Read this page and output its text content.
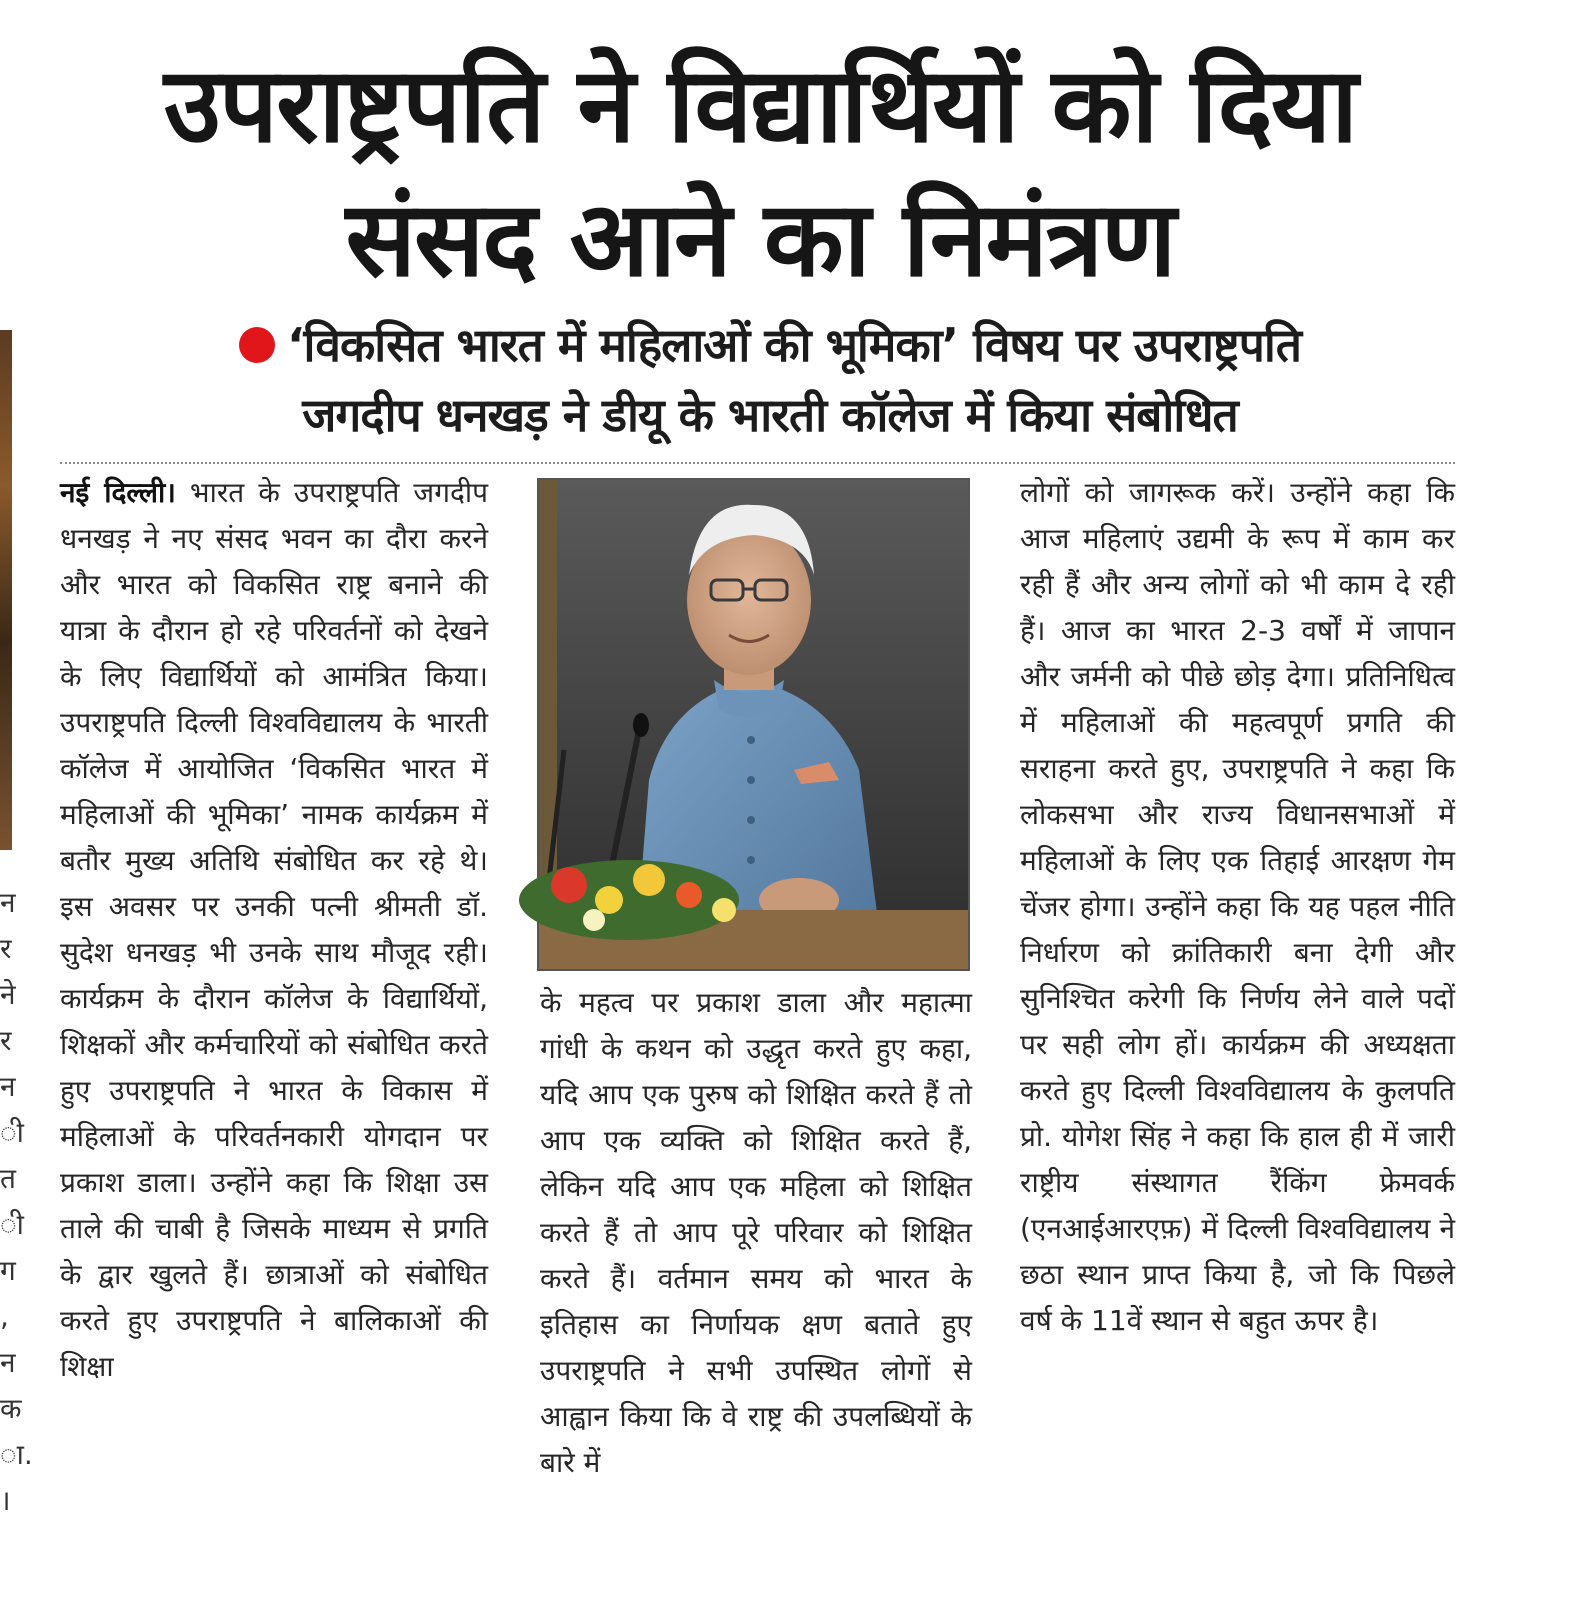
न
र
ने
र
न
ी
त
ी
ग
,
न
क
ा.
।
उपराष्ट्रपति ने विद्यार्थियों को दिया
संसद आने का निमंत्रण
‘विकसित भारत में महिलाओं की भूमिका’ विषय पर उपराष्ट्रपति
जगदीप धनखड़ ने डीयू के भारती कॉलेज में किया संबोधित
नई दिल्ली। भारत के उपराष्ट्रपति जगदीप धनखड़ ने नए संसद भवन का दौरा करने और भारत को विकसित राष्ट्र बनाने की यात्रा के दौरान हो रहे परिवर्तनों को देखने के लिए विद्यार्थियों को आमंत्रित किया। उपराष्ट्रपति दिल्ली विश्वविद्यालय के भारती कॉलेज में आयोजित ‘विकसित भारत में महिलाओं की भूमिका’ नामक कार्यक्रम में बतौर मुख्य अतिथि संबोधित कर रहे थे। इस अवसर पर उनकी पत्नी श्रीमती डॉ. सुदेश धनखड़ भी उनके साथ मौजूद रही। कार्यक्रम के दौरान कॉलेज के विद्यार्थियों, शिक्षकों और कर्मचारियों को संबोधित करते हुए उपराष्ट्रपति ने भारत के विकास में महिलाओं के परिवर्तनकारी योगदान पर प्रकाश डाला। उन्होंने कहा कि शिक्षा उस ताले की चाबी है जिसके माध्यम से प्रगति के द्वार खुलते हैं। छात्राओं को संबोधित करते हुए उपराष्ट्रपति ने बालिकाओं की शिक्षा
के महत्व पर प्रकाश डाला और महात्मा गांधी के कथन को उद्धृत करते हुए कहा, यदि आप एक पुरुष को शिक्षित करते हैं तो आप एक व्यक्ति को शिक्षित करते हैं, लेकिन यदि आप एक महिला को शिक्षित करते हैं तो आप पूरे परिवार को शिक्षित करते हैं। वर्तमान समय को भारत के इतिहास का निर्णायक क्षण बताते हुए उपराष्ट्रपति ने सभी उपस्थित लोगों से आह्वान किया कि वे राष्ट्र की उपलब्धियों के बारे में
लोगों को जागरूक करें। उन्होंने कहा कि आज महिलाएं उद्यमी के रूप में काम कर रही हैं और अन्य लोगों को भी काम दे रही हैं। आज का भारत 2-3 वर्षों में जापान और जर्मनी को पीछे छोड़ देगा। प्रतिनिधित्व में महिलाओं की महत्वपूर्ण प्रगति की सराहना करते हुए, उपराष्ट्रपति ने कहा कि लोकसभा और राज्य विधानसभाओं में महिलाओं के लिए एक तिहाई आरक्षण गेम चेंजर होगा। उन्होंने कहा कि यह पहल नीति निर्धारण को क्रांतिकारी बना देगी और सुनिश्चित करेगी कि निर्णय लेने वाले पदों पर सही लोग हों। कार्यक्रम की अध्यक्षता करते हुए दिल्ली विश्वविद्यालय के कुलपति प्रो. योगेश सिंह ने कहा कि हाल ही में जारी राष्ट्रीय संस्थागत रैंकिंग फ्रेमवर्क (एनआईआरएफ़) में दिल्ली विश्वविद्यालय ने छठा स्थान प्राप्त किया है, जो कि पिछले वर्ष के 11वें स्थान से बहुत ऊपर है।
